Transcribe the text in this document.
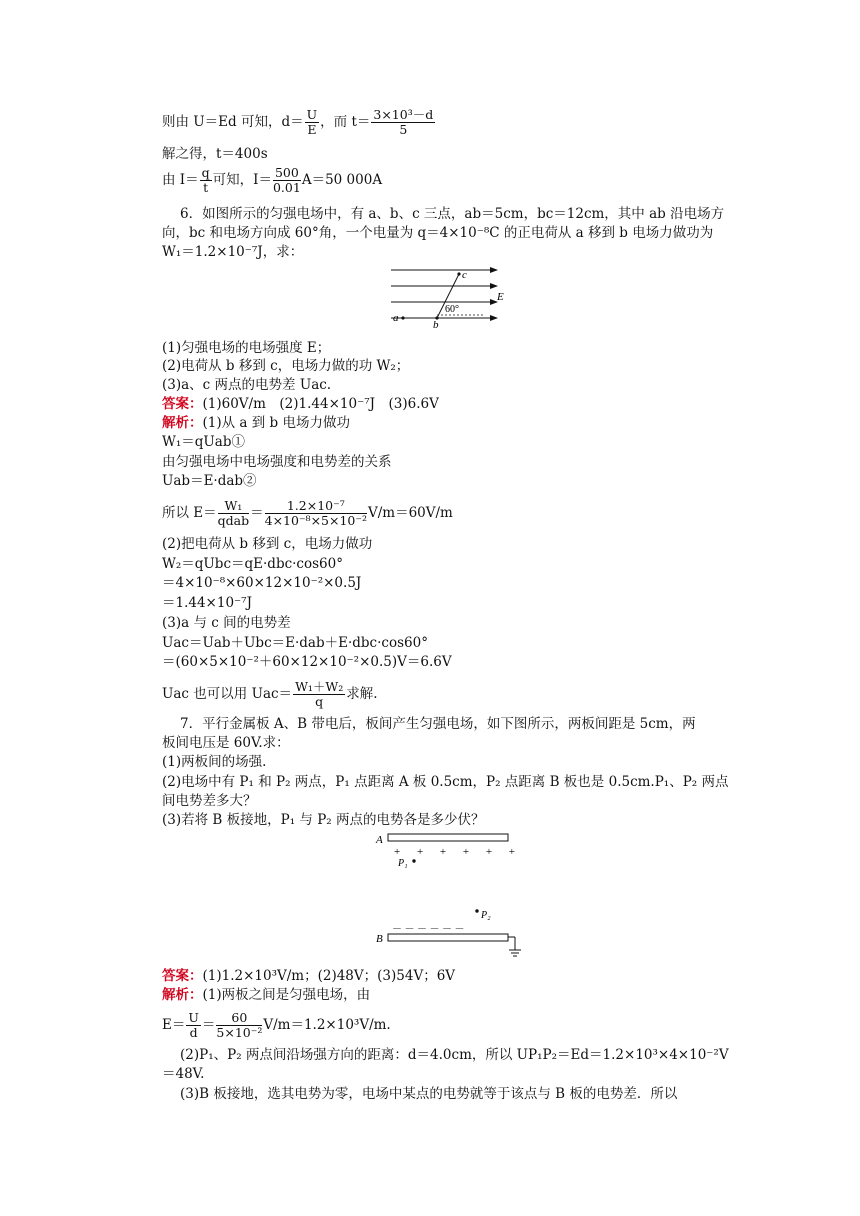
则由 U＝Ed 可知，$d= \frac{U}{E}$ ，而 $t= \frac{\text{3×10³－d}}{5}$
解之得，t＝400s
由 $I= \frac{q}{t}$ 可知，$I= \frac{500}{0.01} A=50$ 000A
6．如图所示的匀强电场中，有 a、b、c 三点，ab＝5cm，bc＝12cm，其中 ab 沿电场方
向，bc 和电场方向成 60°角，一个电量为 q＝4×10⁻⁸C 的正电荷从 a 移到 b 电场力做功为
W₁＝1.2×10⁻⁷J，求：
c
E
60°
a
b
(1)匀强电场的电场强度 E；
(2)电荷从 b 移到 c，电场力做的功 W₂；
(3)a、c 两点的电势差 Uac.
答案：(1)60V/m　(2)1.44×10⁻⁷J　(3)6.6V
解析：(1)从 a 到 b 电场力做功
W₁＝qUab①
由匀强电场中电场强度和电势差的关系
Uab＝E·dab②
所以 $E= \frac{\text{W₁}}{\text{qdab}} = \frac{\text{1.2×10⁻⁷}}{\text{4×10⁻⁸×5×10⁻²}} V/m=60V/m$
(2)把电荷从 b 移到 c，电场力做功
W₂＝qUbc＝qE·dbc·cos60°
＝4×10⁻⁸×60×12×10⁻²×0.5J
＝1.44×10⁻⁷J
(3)a 与 c 间的电势差
Uac＝Uab＋Ubc＝E·dab＋E·dbc·cos60°
＝(60×5×10⁻²＋60×12×10⁻²×0.5)V＝6.6V
Uac 也可以用 $Uac= \frac{\text{W₁＋W₂}}{q}$ 求解.
7．平行金属板 A、B 带电后，板间产生匀强电场，如下图所示，两板间距是 5cm，两
板间电压是 60V.求：
(1)两板间的场强.
(2)电场中有 P₁ 和 P₂ 两点，P₁ 点距离 A 板 0.5cm，P₂ 点距离 B 板也是 0.5cm.P₁、P₂ 两点
间电势差多大？
(3)若将 B 板接地，P₁ 与 P₂ 两点的电势各是多少伏？
A
+ + + + + +
P₁
P₂
－ － － － － －
B
答案：(1)1.2×10³V/m；(2)48V；(3)54V；6V
解析：(1)两板之间是匀强电场，由
$E= \frac{U}{d} = \frac{60}{\text{5×10⁻²}} V/m=1.2\times 10^3V/m$.
(2)P₁、P₂ 两点间沿场强方向的距离：d＝4.0cm，所以 UP₁P₂＝Ed＝1.2×10³×4×10⁻²V
＝48V.
(3)B 板接地，选其电势为零，电场中某点的电势就等于该点与 B 板的电势差．所以
